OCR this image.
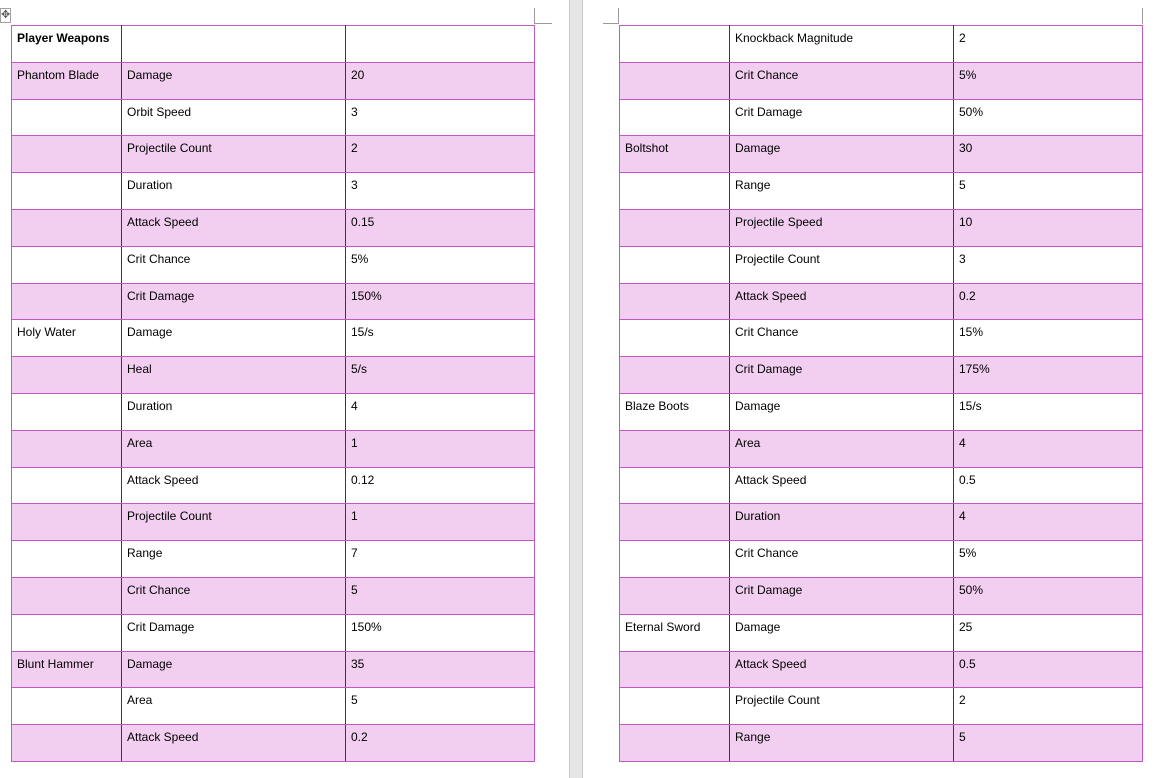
✥
Player Weapons		
Phantom Blade	Damage	20
	Orbit Speed	3
	Projectile Count	2
	Duration	3
	Attack Speed	0.15
	Crit Chance	5%
	Crit Damage	150%
Holy Water	Damage	15/s
	Heal	5/s
	Duration	4
	Area	1
	Attack Speed	0.12
	Projectile Count	1
	Range	7
	Crit Chance	5
	Crit Damage	150%
Blunt Hammer	Damage	35
	Area	5
	Attack Speed	0.2
	Knockback Magnitude	2
	Crit Chance	5%
	Crit Damage	50%
Boltshot	Damage	30
	Range	5
	Projectile Speed	10
	Projectile Count	3
	Attack Speed	0.2
	Crit Chance	15%
	Crit Damage	175%
Blaze Boots	Damage	15/s
	Area	4
	Attack Speed	0.5
	Duration	4
	Crit Chance	5%
	Crit Damage	50%
Eternal Sword	Damage	25
	Attack Speed	0.5
	Projectile Count	2
	Range	5
